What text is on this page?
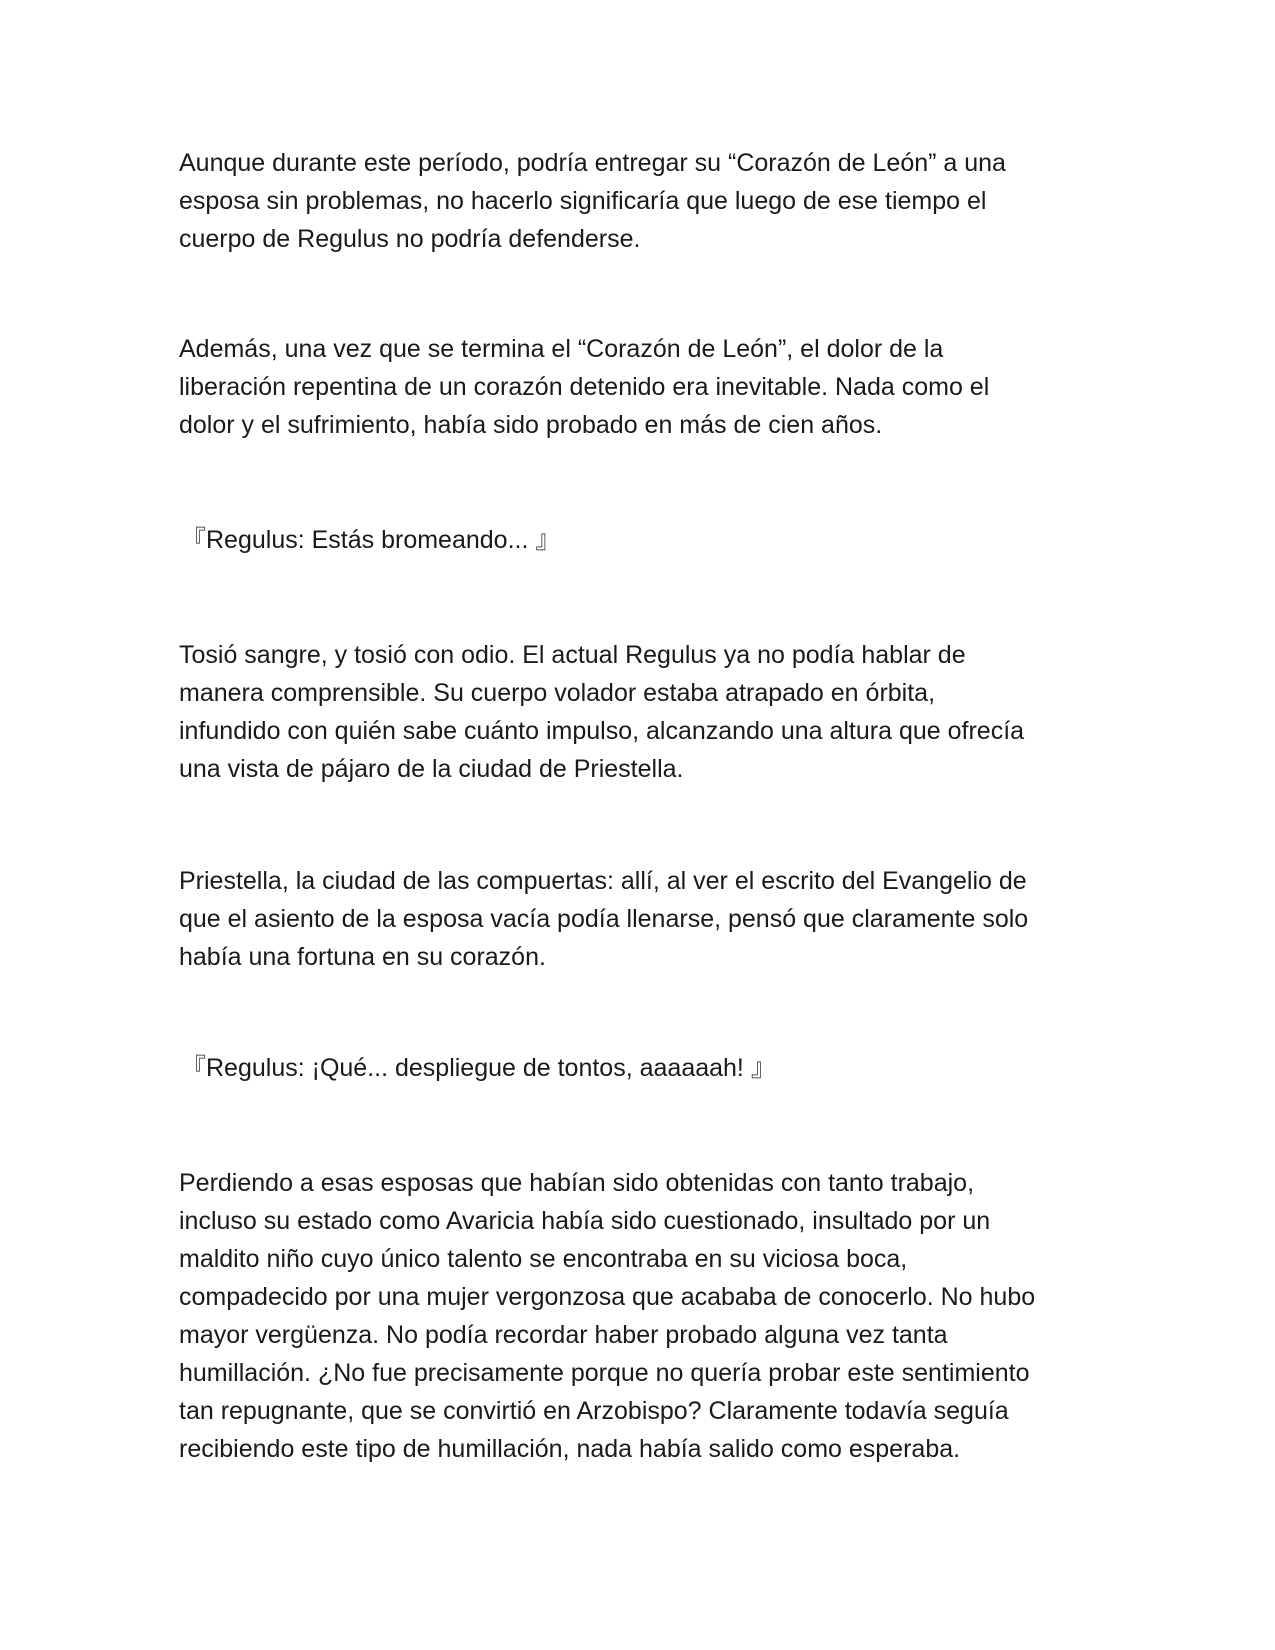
Aunque durante este período, podría entregar su “Corazón de León” a una
esposa sin problemas, no hacerlo significaría que luego de ese tiempo el
cuerpo de Regulus no podría defenderse.

Además, una vez que se termina el “Corazón de León”, el dolor de la
liberación repentina de un corazón detenido era inevitable. Nada como el
dolor y el sufrimiento, había sido probado en más de cien años.

『Regulus: Estás bromeando... 』

Tosió sangre, y tosió con odio. El actual Regulus ya no podía hablar de
manera comprensible. Su cuerpo volador estaba atrapado en órbita,
infundido con quién sabe cuánto impulso, alcanzando una altura que ofrecía
una vista de pájaro de la ciudad de Priestella.

Priestella, la ciudad de las compuertas: allí, al ver el escrito del Evangelio de
que el asiento de la esposa vacía podía llenarse, pensó que claramente solo
había una fortuna en su corazón.

『Regulus: ¡Qué... despliegue de tontos, aaaaaah! 』

Perdiendo a esas esposas que habían sido obtenidas con tanto trabajo,
incluso su estado como Avaricia había sido cuestionado, insultado por un
maldito niño cuyo único talento se encontraba en su viciosa boca,
compadecido por una mujer vergonzosa que acababa de conocerlo. No hubo
mayor vergüenza. No podía recordar haber probado alguna vez tanta
humillación. ¿No fue precisamente porque no quería probar este sentimiento
tan repugnante, que se convirtió en Arzobispo? Claramente todavía seguía
recibiendo este tipo de humillación, nada había salido como esperaba.
